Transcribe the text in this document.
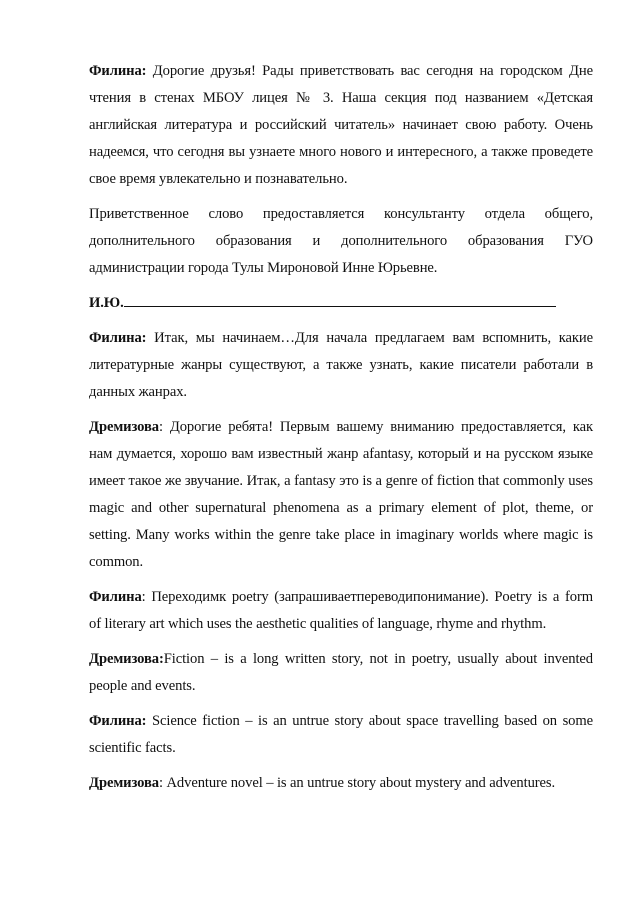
Филина: Дорогие друзья! Рады приветствовать вас сегодня на городском Дне чтения в стенах МБОУ лицея № 3. Наша секция под названием «Детская английская литература и российский читатель» начинает свою работу. Очень надеемся, что сегодня вы узнаете много нового и интересного, а также проведете свое время увлекательно и познавательно.

Приветственное слово предоставляется консультанту отдела общего, дополнительного образования и дополнительного образования ГУО администрации города Тулы Мироновой Инне Юрьевне.

И.Ю.

Филина: Итак, мы начинаем…Для начала предлагаем вам вспомнить, какие литературные жанры существуют, а также узнать, какие писатели работали в данных жанрах.

Дремизова: Дорогие ребята! Первым вашему вниманию предоставляется, как нам думается, хорошо вам известный жанр afantasy, который и на русском языке имеет такое же звучание. Итак, a fantasy это is a genre of fiction that commonly uses magic and other supernatural phenomena as a primary element of plot, theme, or setting. Many works within the genre take place in imaginary worlds where magic is common.

Филина: Переходимк poetry (запрашиваетпереводипонимание). Poetry is a form of literary art which uses the aesthetic qualities of language, rhyme and rhythm.

Дремизова:Fiction – is a long written story, not in poetry, usually about invented people and events.

Филина: Science fiction – is an untrue story about space travelling based on some scientific facts.

Дремизова: Adventure novel – is an untrue story about mystery and adventures.
